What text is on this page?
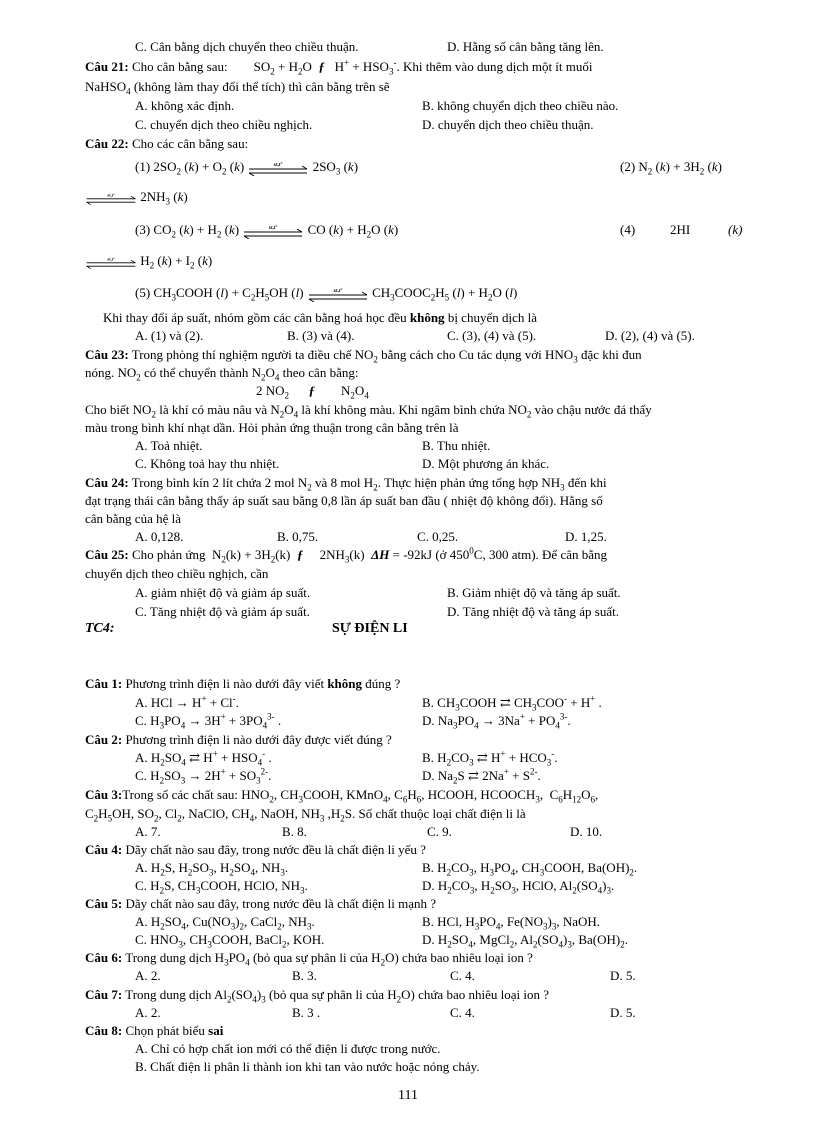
C. Cân bằng dịch chuyển theo chiều thuận.	D. Hằng số cân bằng tăng lên.
Câu 21: Cho cân bằng sau: $SO_2 + H_2O$  ƒ   $H^+ + HSO_3^-$. Khi thêm vào dung dịch một ít muối
NaHSO$_4$ (không làm thay đổi thể tích) thì cân bằng trên sẽ
A. không xác định.	B. không chuyển dịch theo chiều nào.
C. chuyển dịch theo chiều nghịch.	D. chuyển dịch theo chiều thuận.
Câu 22: Cho các cân bằng sau:
(1) $2SO_2$ $(k) + O_2$ (k)	$2SO_3$ (k)	(2) $N_2$ $(k) + 3H_2$ (k)
$2NH_3$ (k)
(3) $CO_2$ $(k) + H_2$ (k)	CO $(k) + H_2O$ (k)	(4)	2HI	(k)
$H_2$ $(k) + I_2$ (k)
(5) $CH_3COOH$ $(l) + C_2H_5OH$ (l)	$CH_3COOC_2H_5$ $(l) + H_2O$ (l)
Khi thay đổi áp suất, nhóm gồm các cân bằng hoá học đều không bị chuyển dịch là
A. (1) và (2).	B. (3) và (4).	C. (3), (4) và (5).	D. (2), (4) và (5).
Câu 23: Trong phòng thí nghiệm người ta điều chế $NO_2$ bằng cách cho Cu tác dụng với $HNO_3$ đặc khi đun
nóng. $NO_2$ có thể chuyển thành $N_2O_4$ theo cân bằng:
2 $NO_2$ ƒ        $N_2O_4$
Cho biết $NO_2$ là khí có màu nâu và $N_2O_4$ là khí không màu. Khi ngâm bình chứa $NO_2$ vào chậu nước đá thấy
màu trong bình khí nhạt dần. Hỏi phản ứng thuận trong cân bằng trên là
A. Toả nhiệt.	B. Thu nhiệt.
C. Không toả hay thu nhiệt.	D. Một phương án khác.
Câu 24: Trong bình kín 2 lít chứa 2 mol $N_2$ và 8 mol $H_2$. Thực hiện phản ứng tổng hợp $NH_3$ đến khi
đạt trạng thái cân bằng thấy áp suất sau bằng 0,8 lần áp suất ban đầu ( nhiệt độ không đổi). Hằng số
cân bằng của hệ là
A. 0,128.	B. 0,75.	C. 0,25.	D. 1,25.
Câu 25: Cho phản ứng  $N_2(k) + 3H_2(k)$  ƒ     $2NH_3(k) \Delta H = -92kJ$ (ở $450^0C$, 300 atm). Để cân bằng
chuyển dịch theo chiều nghịch, cần
A. giảm nhiệt độ và giảm áp suất.	B. Giảm nhiệt độ và tăng áp suất.
C. Tăng nhiệt độ và giảm áp suất.	D. Tăng nhiệt độ và tăng áp suất.
TC4:	SỰ ĐIỆN LI
Câu 1: Phương trình điện li nào dưới đây viết không đúng ?
A. HCl → H+ + Cl-.	B. $CH_3COOH$ ⇄ $CH_3COO^- + H^+$ .
C. $H_3PO_4 \to 3H^+ + 3PO_4^{3-}$ .	D. $Na_3PO_4 \to 3Na^+ + PO_4^{3-}$.
Câu 2: Phương trình điện li nào dưới đây được viết đúng ?
A. $H_2SO_4$ ⇄ $H^+ + HSO_4^-$ .	B. $H_2CO_3$ ⇄ $H^+ + HCO_3^-$.
C. $H_2SO_3 \to 2H^+ + SO_3^{2-}$.	D. $Na_2S$ ⇄ $2Na^+ + S^{2-}$.
Câu 3:Trong số các chất sau: $HNO_2$, $CH_3COOH$, KMnO$_4$, $C_6H_6$, HCOOH, $HCOOCH_3$,  $C_6H_{12}O_6$,
$C_2H_5OH$, $SO_2$, $Cl_2$, NaClO, $CH_4$, NaOH, $NH_3$ $,H_2S$. Số chất thuộc loại chất điện li là
A. 7.	B. 8.	C. 9.	D. 10.
Câu 4: Dãy chất nào sau đây, trong nước đều là chất điện li yếu ?
A. $H_2S$, $H_2SO_3$, $H_2SO_4$, $NH_3$.	B. $H_2CO_3$, $H_3PO_4$, $CH_3COOH$, $Ba(OH)_2$.
C. $H_2S$, $CH_3COOH$, HClO, $NH_3$.	D. $H_2CO_3$, $H_2SO_3$, HClO, $Al_2(SO_4)_3$.
Câu 5: Dãy chất nào sau đây, trong nước đều là chất điện li mạnh ?
A. $H_2SO_4$, $Cu(NO_3)_2$, CaCl$_2$, $NH_3$.	B. HCl, $H_3PO_4$, $Fe(NO_3)_3$, NaOH.
C. $HNO_3$, $CH_3COOH$, BaCl$_2$, KOH.	D. $H_2SO_4$, MgCl$_2$, $Al_2(SO_4)_3$, $Ba(OH)_2$.
Câu 6: Trong dung dịch $H_3PO_4$ (bỏ qua sự phân li của $H_2O$) chứa bao nhiêu loại ion ?
A. 2.	B. 3.	C. 4.	D. 5.
Câu 7: Trong dung dịch $Al_2(SO_4)_3$ (bỏ qua sự phân li của $H_2O$) chứa bao nhiêu loại ion ?
A. 2.	B. 3 .	C. 4.	D. 5.
Câu 8: Chọn phát biểu sai
A. Chỉ có hợp chất ion mới có thể điện li được trong nước.
B. Chất điện li phân li thành ion khi tan vào nước hoặc nóng chảy.
111
